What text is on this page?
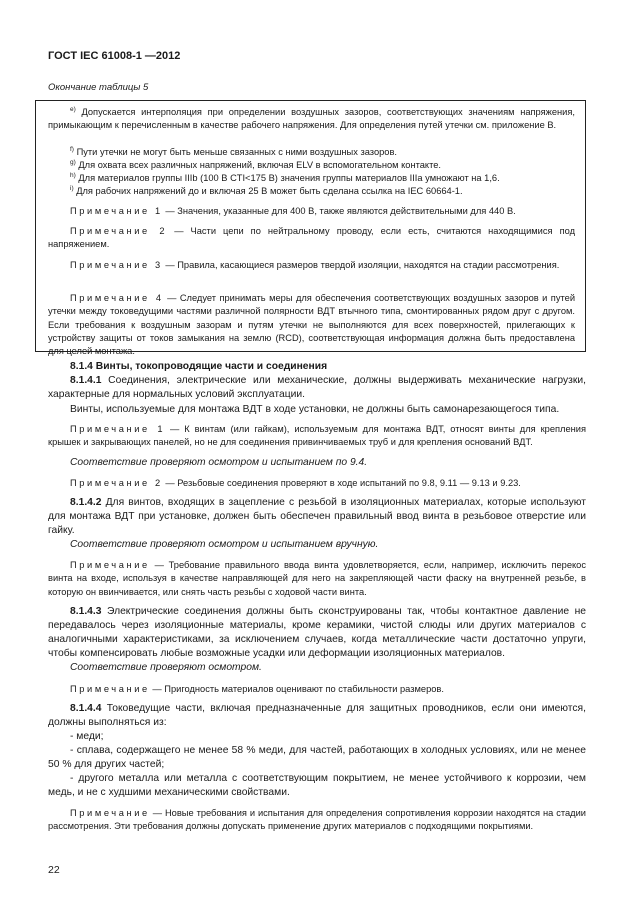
ГОСТ IEC 61008-1 —2012
Окончание таблицы 5

$^{e)}$ Допускается интерполяция при определении воздушных зазоров, соответствующих значениям напряжения, примыкающим к перечисленным в качестве рабочего напряжения. Для определения путей утечки см. приложение B.

$^{f)}$ Пути утечки не могут быть меньше связанных с ними воздушных зазоров.

$^{g)}$ Для охвата всех различных напряжений, включая ELV в вспомогательном контакте.

$^{h)}$ Для материалов группы IIIb (100 В CTI<175 В) значения группы материалов IIIa умножают на 1,6.

$^{i)}$ Для рабочих напряжений до и включая 25 В может быть сделана ссылка на IEC 60664-1.

Примечание 1 — Значения, указанные для 400 В, также являются действительными для 440 В.

Примечание 2 — Части цепи по нейтральному проводу, если есть, считаются находящимися под напряжением.

Примечание 3 — Правила, касающиеся размеров твердой изоляции, находятся на стадии рассмотрения.

Примечание 4 — Следует принимать меры для обеспечения соответствующих воздушных зазоров и путей утечки между токоведущими частями различной полярности ВДТ втычного типа, смонтированных рядом друг с другом. Если требования к воздушным зазорам и путям утечки не выполняются для всех поверхностей, прилегающих к устройству защиты от токов замыкания на землю (RCD), соответствующая информация должна быть предоставлена для целей монтажа.

8.1.4 Винты, токопроводящие части и соединения

8.1.4.1 Соединения, электрические или механические, должны выдерживать механические нагрузки, характерные для нормальных условий эксплуатации.

Винты, используемые для монтажа ВДТ в ходе установки, не должны быть самонарезающегося типа.

Примечание 1 — К винтам (или гайкам), используемым для монтажа ВДТ, относят винты для крепления крышек и закрывающих панелей, но не для соединения привинчиваемых труб и для крепления оснований ВДТ.

Соответствие проверяют осмотром и испытанием по 9.4.

Примечание 2 — Резьбовые соединения проверяют в ходе испытаний по 9.8, 9.11 — 9.13 и 9.23.

8.1.4.2 Для винтов, входящих в зацепление с резьбой в изоляционных материалах, которые используют для монтажа ВДТ при установке, должен быть обеспечен правильный ввод винта в резьбовое отверстие или гайку.

Соответствие проверяют осмотром и испытанием вручную.

Примечание — Требование правильного ввода винта удовлетворяется, если, например, исключить перекос винта на входе, используя в качестве направляющей для него на закрепляющей части фаску на внутренней резьбе, в которую он ввинчивается, или снять часть резьбы с ходовой части винта.

8.1.4.3 Электрические соединения должны быть сконструированы так, чтобы контактное давление не передавалось через изоляционные материалы, кроме керамики, чистой слюды или других материалов с аналогичными характеристиками, за исключением случаев, когда металлические части достаточно упруги, чтобы компенсировать любые возможные усадки или деформации изоляционных материалов.

Соответствие проверяют осмотром.

Примечание — Пригодность материалов оценивают по стабильности размеров.

8.1.4.4 Токоведущие части, включая предназначенные для защитных проводников, если они имеются, должны выполняться из:

- меди;

- сплава, содержащего не менее 58 % меди, для частей, работающих в холодных условиях, или не менее 50 % для других частей;

- другого металла или металла с соответствующим покрытием, не менее устойчивого к коррозии, чем медь, и не с худшими механическими свойствами.

Примечание — Новые требования и испытания для определения сопротивления коррозии находятся на стадии рассмотрения. Эти требования должны допускать применение других материалов с подходящими покрытиями.

22
